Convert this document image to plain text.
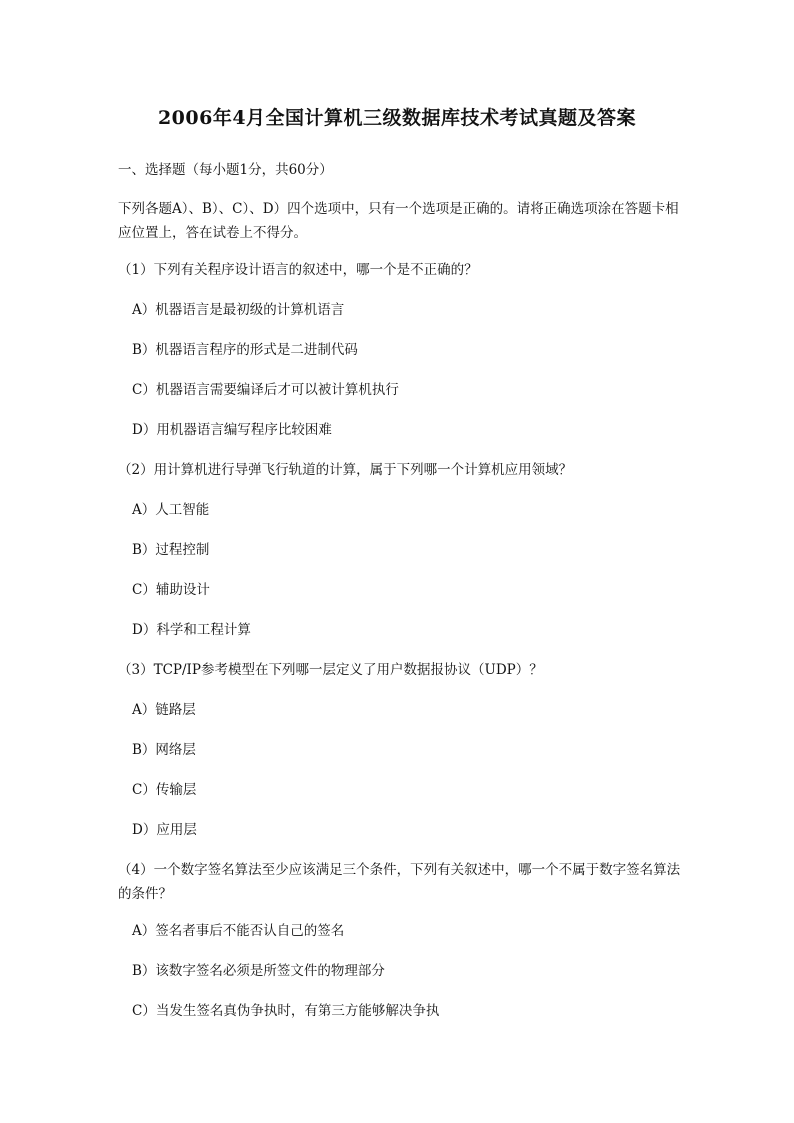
2006年4月全国计算机三级数据库技术考试真题及答案

一、选择题（每小题1分，共60分）

下列各题A）、B）、C）、D）四个选项中，只有一个选项是正确的。请将正确选项涂在答题卡相应位置上，答在试卷上不得分。

（1）下列有关程序设计语言的叙述中，哪一个是不正确的？

A）机器语言是最初级的计算机语言

B）机器语言程序的形式是二进制代码

C）机器语言需要编译后才可以被计算机执行

D）用机器语言编写程序比较困难

（2）用计算机进行导弹飞行轨道的计算，属于下列哪一个计算机应用领域？

A）人工智能

B）过程控制

C）辅助设计

D）科学和工程计算

（3）TCP/IP参考模型在下列哪一层定义了用户数据报协议（UDP）？

A）链路层

B）网络层

C）传输层

D）应用层

（4）一个数字签名算法至少应该满足三个条件，下列有关叙述中，哪一个不属于数字签名算法的条件？

A）签名者事后不能否认自己的签名

B）该数字签名必须是所签文件的物理部分

C）当发生签名真伪争执时，有第三方能够解决争执
